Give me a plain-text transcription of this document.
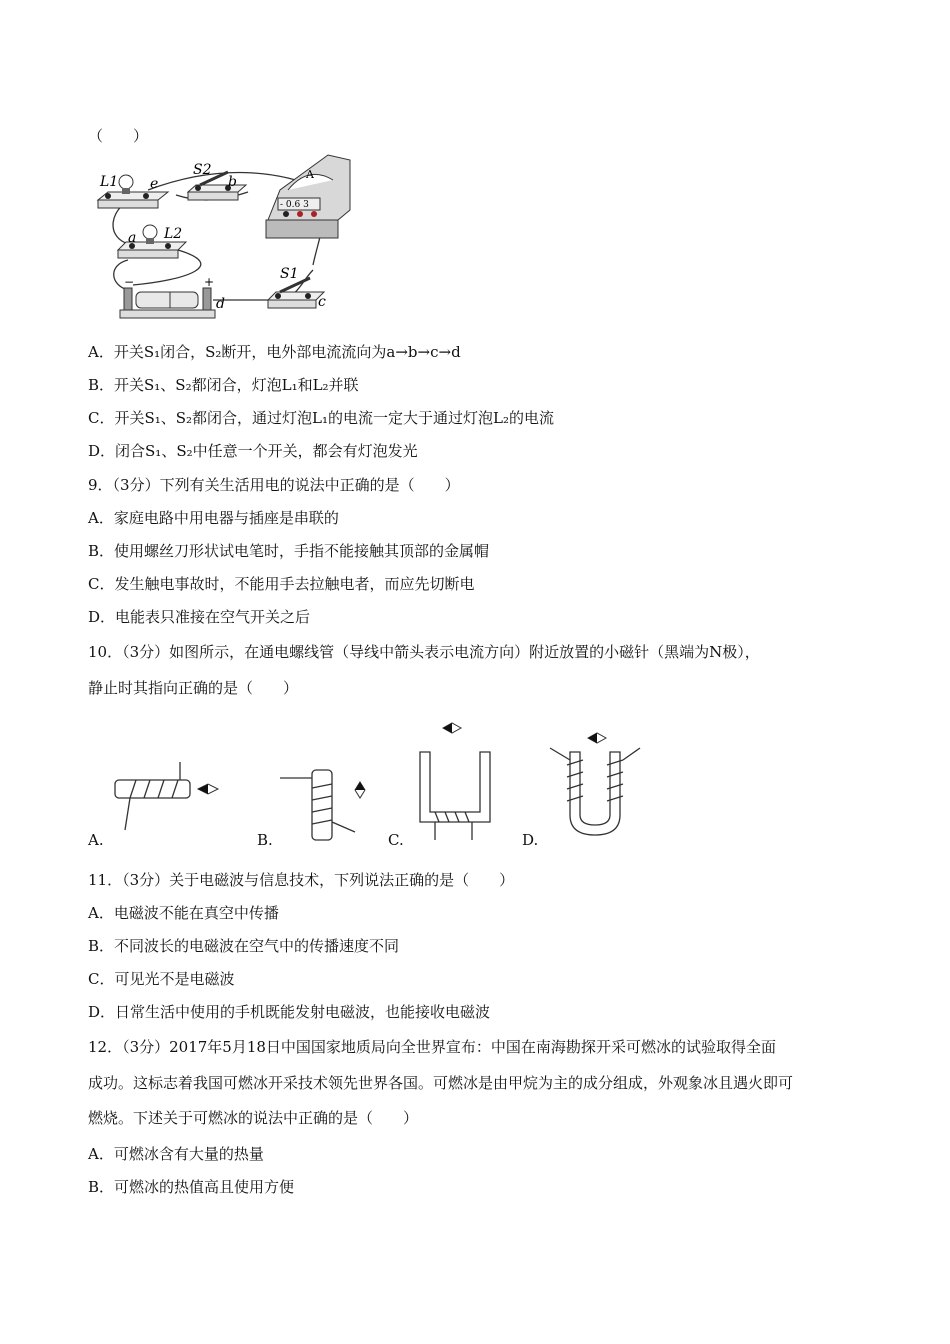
（　　）
L1 e
S2
b	A
- 0.6 3
a L2
−	+
d
S1
c
A．开关S₁闭合，S₂断开，电外部电流流向为a→b→c→d
B．开关S₁、S₂都闭合，灯泡L₁和L₂并联
C．开关S₁、S₂都闭合，通过灯泡L₁的电流一定大于通过灯泡L₂的电流
D．闭合S₁、S₂中任意一个开关，都会有灯泡发光
9．（3分）下列有关生活用电的说法中正确的是（　　）
A．家庭电路中用电器与插座是串联的
B．使用螺丝刀形状试电笔时，手指不能接触其顶部的金属帽
C．发生触电事故时，不能用手去拉触电者，而应先切断电
D．电能表只准接在空气开关之后
10．（3分）如图所示，在通电螺线管（导线中箭头表示电流方向）附近放置的小磁针（黑端为N极），
静止时其指向正确的是（　　）
A.	B.	C.	D.
11．（3分）关于电磁波与信息技术，下列说法正确的是（　　）
A．电磁波不能在真空中传播
B．不同波长的电磁波在空气中的传播速度不同
C．可见光不是电磁波
D．日常生活中使用的手机既能发射电磁波，也能接收电磁波
12．（3分）2017年5月18日中国国家地质局向全世界宣布：中国在南海勘探开采可燃冰的试验取得全面
成功。这标志着我国可燃冰开采技术领先世界各国。可燃冰是由甲烷为主的成分组成，外观象冰且遇火即可
燃烧。下述关于可燃冰的说法中正确的是（　　）
A．可燃冰含有大量的热量
B．可燃冰的热值高且使用方便
